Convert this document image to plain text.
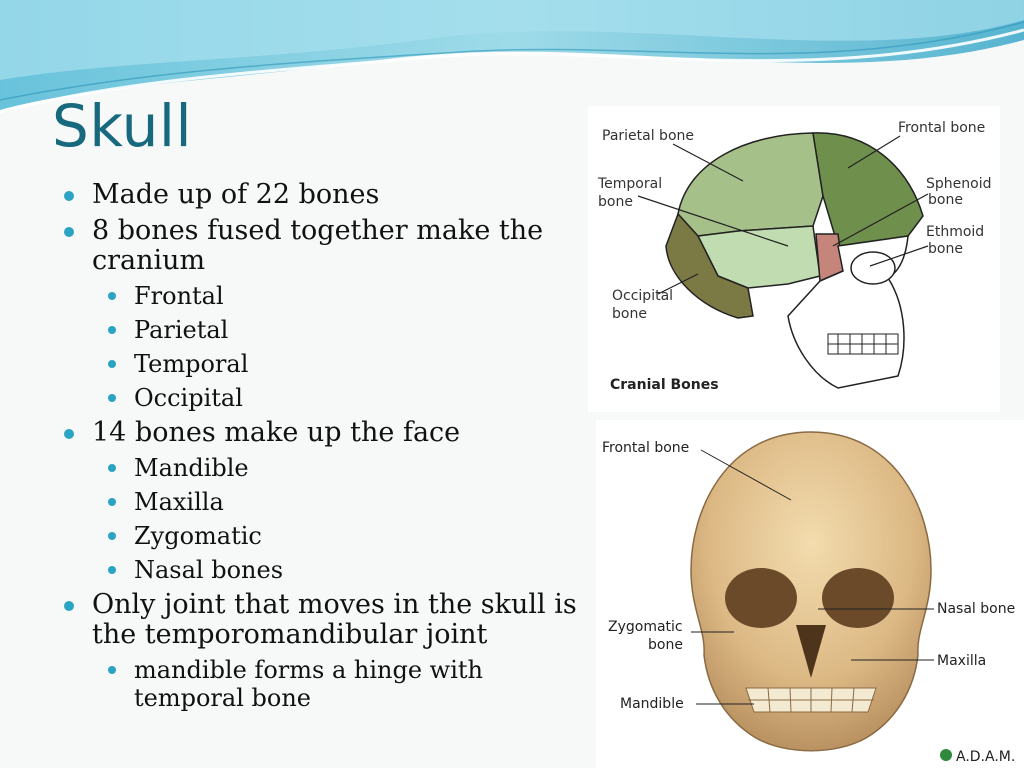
Skull
Made up of 22 bones
8 bones fused together make the cranium
Frontal
Parietal
Temporal
Occipital
14 bones make up the face
Mandible
Maxilla
Zygomatic
Nasal bones
Only joint that moves in the skull is the temporomandibular joint
mandible forms a hinge with temporal bone
Parietal bone	Frontal bone
Temporal
bone
Sphenoid
bone
Ethmoid
bone
Occipital
bone
Cranial Bones
Frontal bone
Nasal bone
Zygomatic
bone
Maxilla
Mandible
A.D.A.M.
